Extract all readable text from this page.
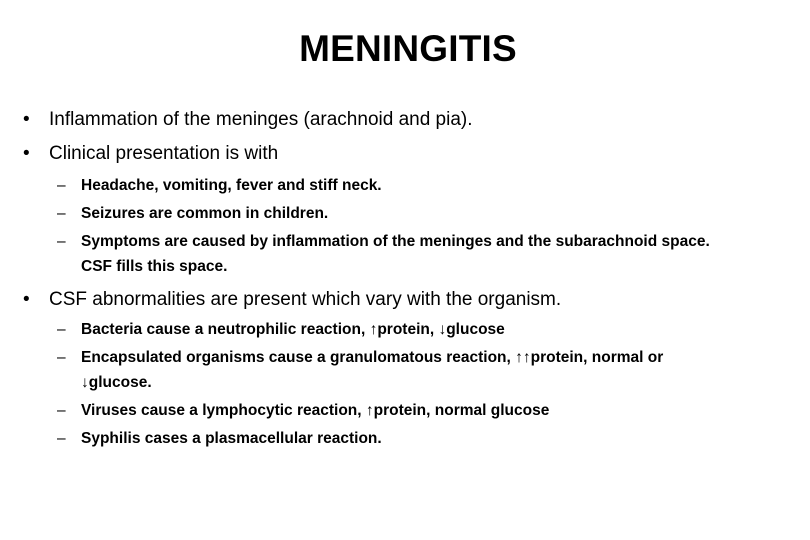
MENINGITIS
• Inflammation of the meninges (arachnoid and pia).
• Clinical presentation is with
– Headache, vomiting, fever and stiff neck.
– Seizures are common in children.
– Symptoms are caused by inflammation of the meninges and the subarachnoid space.
CSF fills this space.
• CSF abnormalities are present which vary with the organism.
– Bacteria cause a neutrophilic reaction, ↑protein, ↓glucose
– Encapsulated organisms cause a granulomatous reaction, ↑↑protein, normal or
↓glucose.
– Viruses cause a lymphocytic reaction, ↑protein, normal glucose
– Syphilis cases a plasmacellular reaction.
